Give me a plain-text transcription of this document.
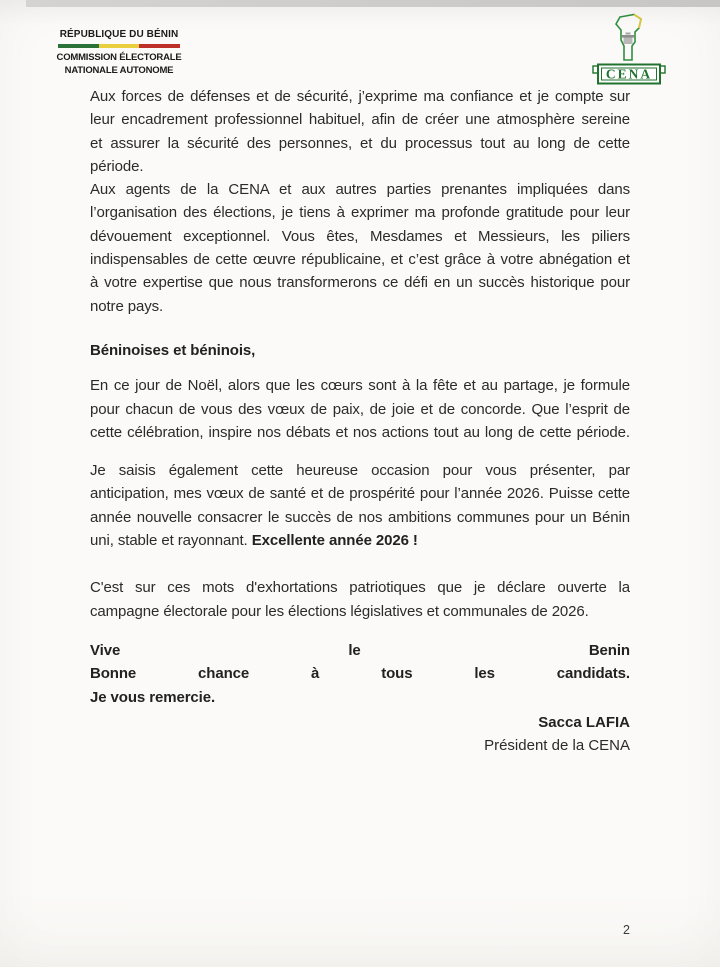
RÉPUBLIQUE DU BÉNIN
COMMISSION ÉLECTORALE
NATIONALE AUTONOME	CENA
Aux forces de défenses et de sécurité, j’exprime ma confiance et je compte sur
leur encadrement professionnel habituel, afin de créer une atmosphère sereine
et assurer la sécurité des personnes, et du processus tout au long de cette
période.
Aux agents de la CENA et aux autres parties prenantes impliquées dans
l’organisation des élections, je tiens à exprimer ma profonde gratitude pour leur
dévouement exceptionnel. Vous êtes, Mesdames et Messieurs, les piliers
indispensables de cette œuvre républicaine, et c’est grâce à votre abnégation et
à votre expertise que nous transformerons ce défi en un succès historique pour
notre pays.
Béninoises et béninois,
En ce jour de Noël, alors que les cœurs sont à la fête et au partage, je formule
pour chacun de vous des vœux de paix, de joie et de concorde. Que l’esprit de
cette célébration, inspire nos débats et nos actions tout au long de cette période.
Je saisis également cette heureuse occasion pour vous présenter, par
anticipation, mes vœux de santé et de prospérité pour l’année 2026. Puisse cette
année nouvelle consacrer le succès de nos ambitions communes pour un Bénin
uni, stable et rayonnant. Excellente année 2026 !
C'est sur ces mots d'exhortations patriotiques que je déclare ouverte la
campagne électorale pour les élections législatives et communales de 2026.
Vive le Benin
Bonne chance à tous les candidats.
Je vous remercie.
Sacca LAFIA
Président de la CENA
2
